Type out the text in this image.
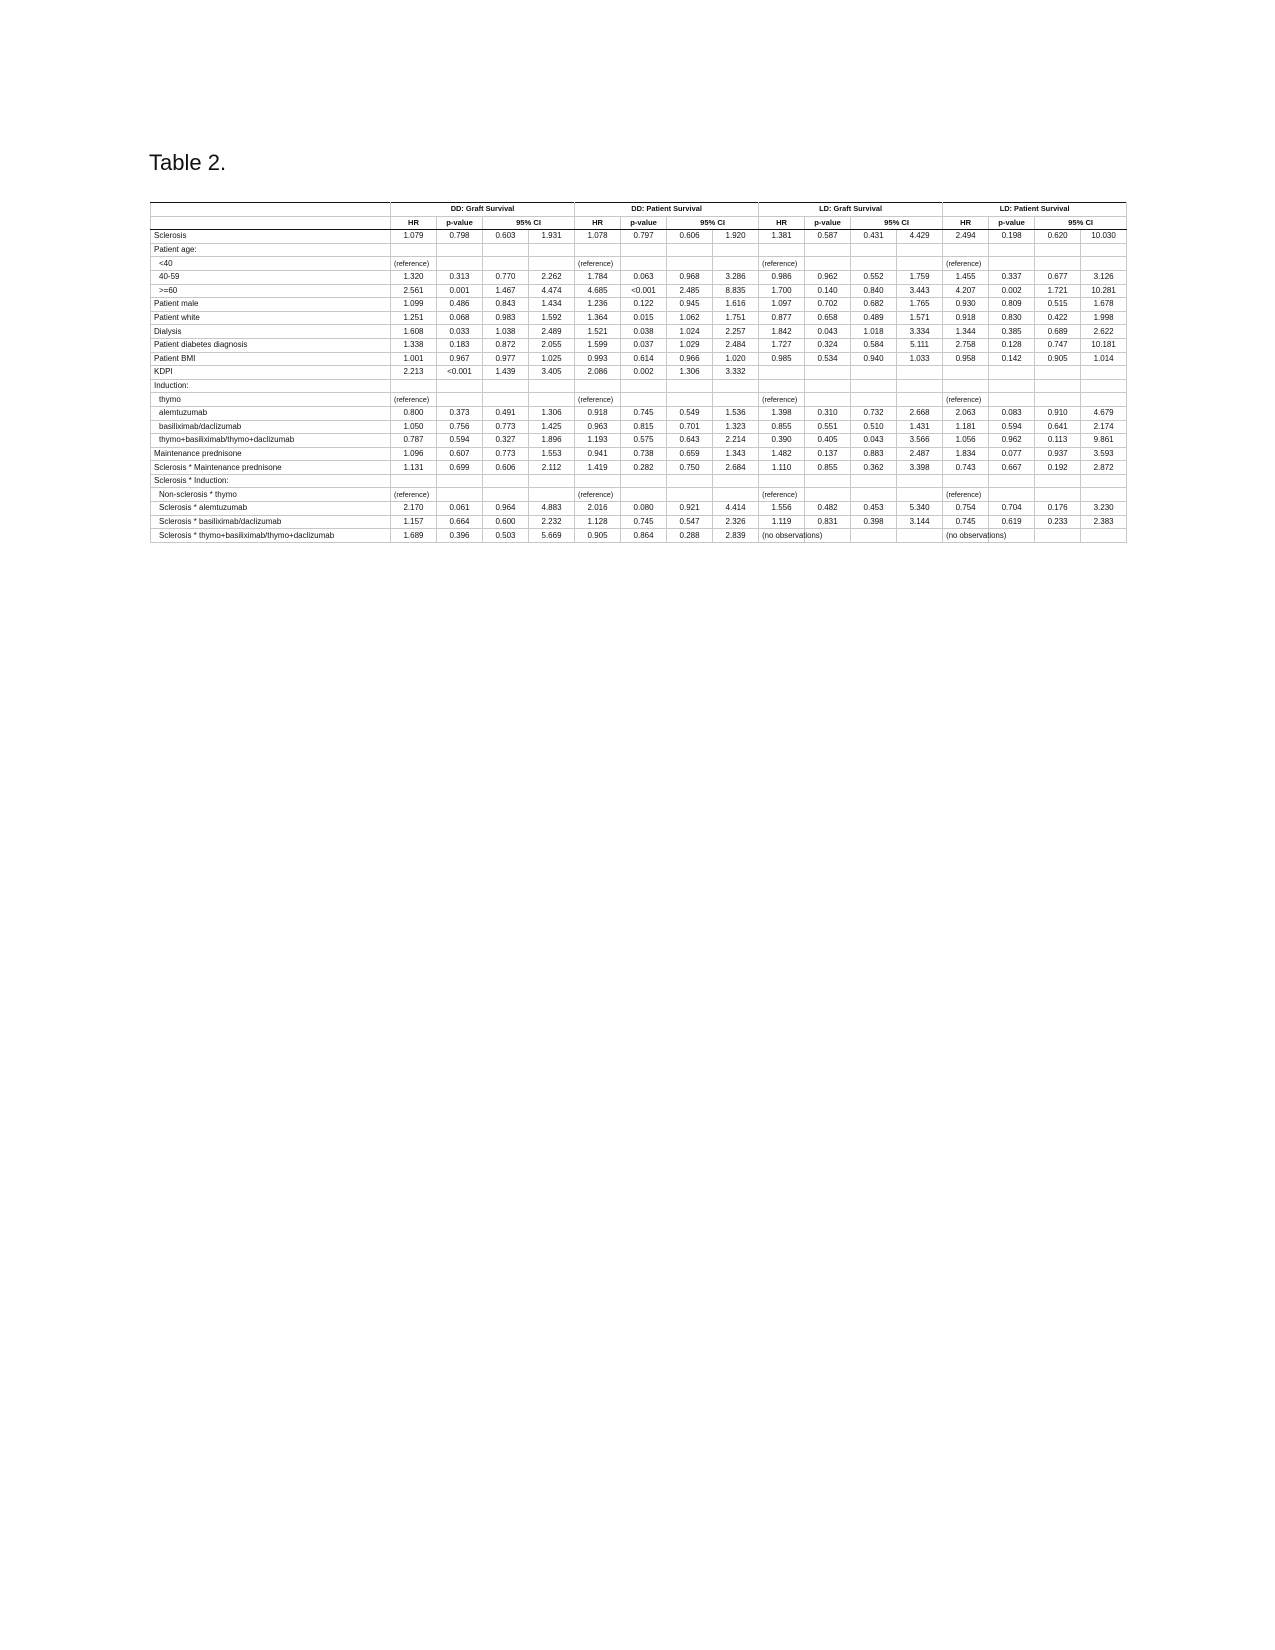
Table 2.
	DD: Graft Survival				DD: Patient Survival				LD: Graft Survival				LD: Patient Survival			
	HR	p-value	95% CI		HR	p-value	95% CI		HR	p-value	95% CI		HR	p-value	95% CI	
Sclerosis	1.079	0.798	0.603	1.931	1.078	0.797	0.606	1.920	1.381	0.587	0.431	4.429	2.494	0.198	0.620	10.030
Patient age:																
<40	(reference)				(reference)				(reference)				(reference)			
40-59	1.320	0.313	0.770	2.262	1.784	0.063	0.968	3.286	0.986	0.962	0.552	1.759	1.455	0.337	0.677	3.126
>=60	2.561	0.001	1.467	4.474	4.685	<0.001	2.485	8.835	1.700	0.140	0.840	3.443	4.207	0.002	1.721	10.281
Patient male	1.099	0.486	0.843	1.434	1.236	0.122	0.945	1.616	1.097	0.702	0.682	1.765	0.930	0.809	0.515	1.678
Patient white	1.251	0.068	0.983	1.592	1.364	0.015	1.062	1.751	0.877	0.658	0.489	1.571	0.918	0.830	0.422	1.998
Dialysis	1.608	0.033	1.038	2.489	1.521	0.038	1.024	2.257	1.842	0.043	1.018	3.334	1.344	0.385	0.689	2.622
Patient diabetes diagnosis	1.338	0.183	0.872	2.055	1.599	0.037	1.029	2.484	1.727	0.324	0.584	5.111	2.758	0.128	0.747	10.181
Patient BMI	1.001	0.967	0.977	1.025	0.993	0.614	0.966	1.020	0.985	0.534	0.940	1.033	0.958	0.142	0.905	1.014
KDPI	2.213	<0.001	1.439	3.405	2.086	0.002	1.306	3.332								
Induction:																
thymo	(reference)				(reference)				(reference)				(reference)			
alemtuzumab	0.800	0.373	0.491	1.306	0.918	0.745	0.549	1.536	1.398	0.310	0.732	2.668	2.063	0.083	0.910	4.679
basiliximab/daclizumab	1.050	0.756	0.773	1.425	0.963	0.815	0.701	1.323	0.855	0.551	0.510	1.431	1.181	0.594	0.641	2.174
thymo+basiliximab/thymo+daclizumab	0.787	0.594	0.327	1.896	1.193	0.575	0.643	2.214	0.390	0.405	0.043	3.566	1.056	0.962	0.113	9.861
Maintenance prednisone	1.096	0.607	0.773	1.553	0.941	0.738	0.659	1.343	1.482	0.137	0.883	2.487	1.834	0.077	0.937	3.593
Sclerosis * Maintenance prednisone	1.131	0.699	0.606	2.112	1.419	0.282	0.750	2.684	1.110	0.855	0.362	3.398	0.743	0.667	0.192	2.872
Sclerosis * Induction:																
Non-sclerosis * thymo	(reference)				(reference)				(reference)				(reference)			
Sclerosis * alemtuzumab	2.170	0.061	0.964	4.883	2.016	0.080	0.921	4.414	1.556	0.482	0.453	5.340	0.754	0.704	0.176	3.230
Sclerosis * basiliximab/daclizumab	1.157	0.664	0.600	2.232	1.128	0.745	0.547	2.326	1.119	0.831	0.398	3.144	0.745	0.619	0.233	2.383
Sclerosis * thymo+basiliximab/thymo+daclizumab	1.689	0.396	0.503	5.669	0.905	0.864	0.288	2.839	(no observations)				(no observations)			
